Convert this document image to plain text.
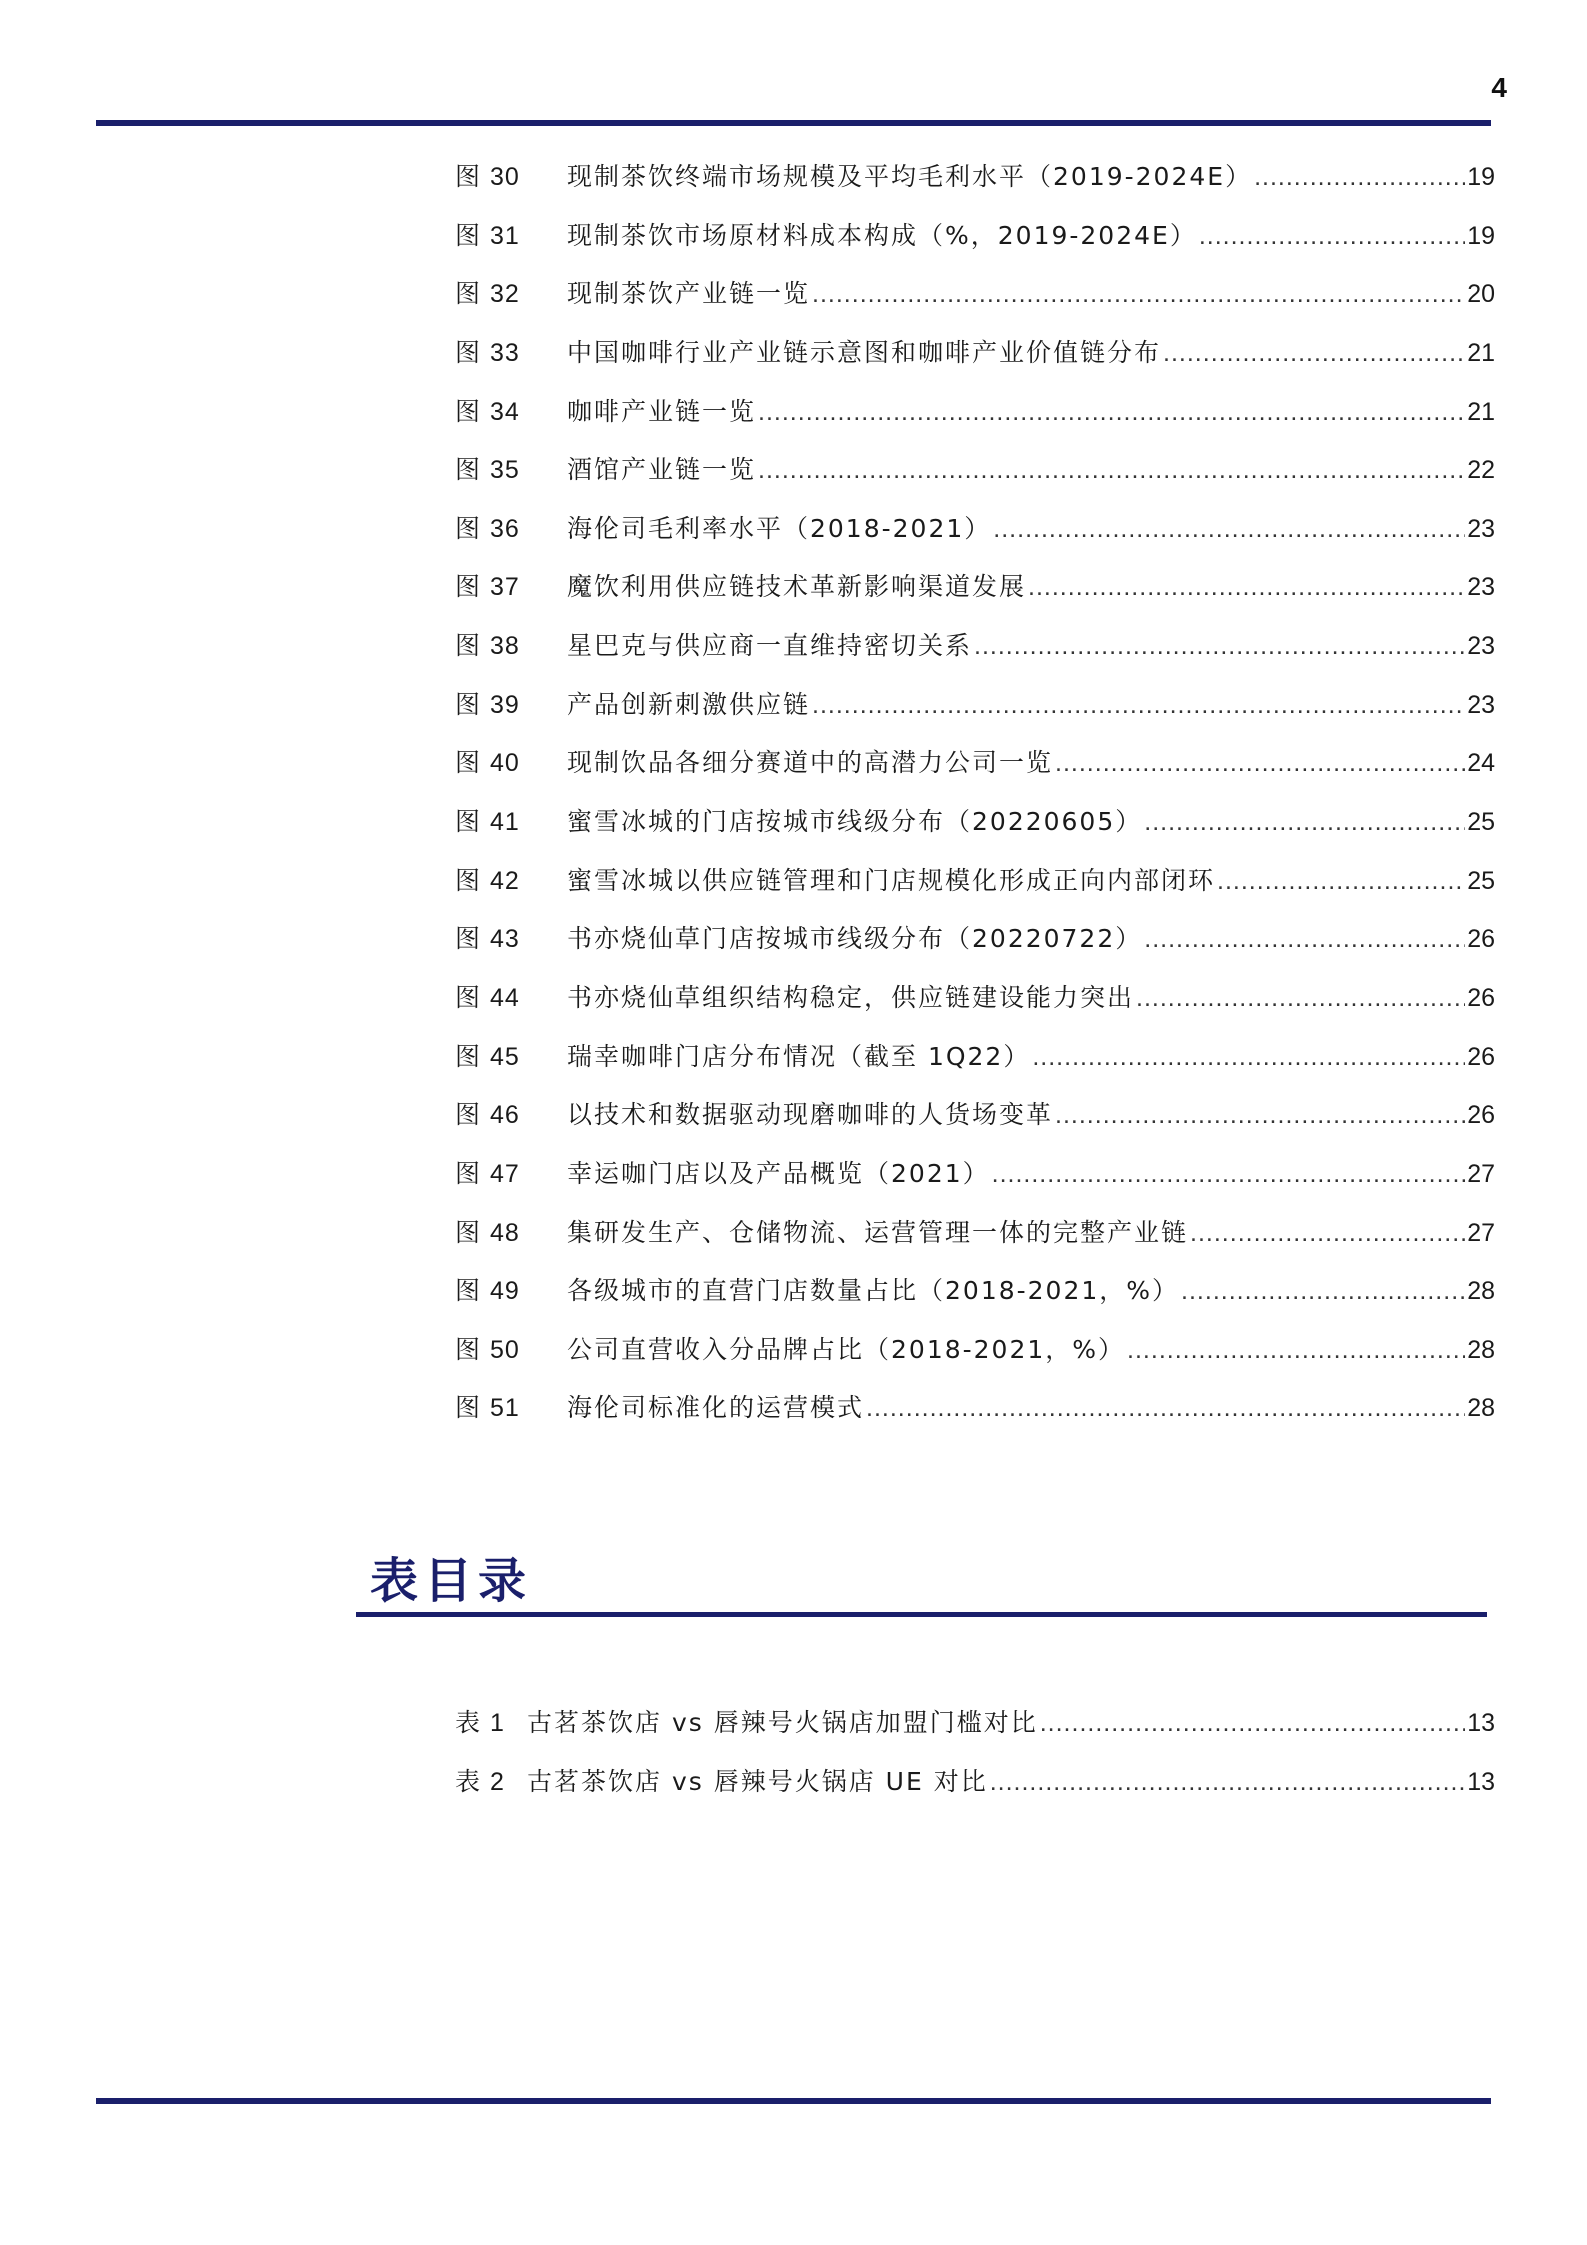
4
图 30	现制茶饮终端市场规模及平均毛利水平（2019-2024E） .....	19
图 31	现制茶饮市场原材料成本构成（%，2019-2024E） .....	19
图 32	现制茶饮产业链一览 .....	20
图 33	中国咖啡行业产业链示意图和咖啡产业价值链分布 .....	21
图 34	咖啡产业链一览 .....	21
图 35	酒馆产业链一览 .....	22
图 36	海伦司毛利率水平（2018-2021） .....	23
图 37	魔饮利用供应链技术革新影响渠道发展 .....	23
图 38	星巴克与供应商一直维持密切关系 .....	23
图 39	产品创新刺激供应链 .....	23
图 40	现制饮品各细分赛道中的高潜力公司一览 .....	24
图 41	蜜雪冰城的门店按城市线级分布（20220605） .....	25
图 42	蜜雪冰城以供应链管理和门店规模化形成正向内部闭环 .....	25
图 43	书亦烧仙草门店按城市线级分布（20220722） .....	26
图 44	书亦烧仙草组织结构稳定，供应链建设能力突出 .....	26
图 45	瑞幸咖啡门店分布情况（截至 1Q22） .....	26
图 46	以技术和数据驱动现磨咖啡的人货场变革 .....	26
图 47	幸运咖门店以及产品概览（2021） .....	27
图 48	集研发生产、仓储物流、运营管理一体的完整产业链 .....	27
图 49	各级城市的直营门店数量占比（2018-2021，%） .....	28
图 50	公司直营收入分品牌占比（2018-2021，%） .....	28
图 51	海伦司标准化的运营模式 .....	28
表目录
表 1 古茗茶饮店 vs 唇辣号火锅店加盟门槛对比 .....	13
表 2 古茗茶饮店 vs 唇辣号火锅店 UE 对比 .....	13
